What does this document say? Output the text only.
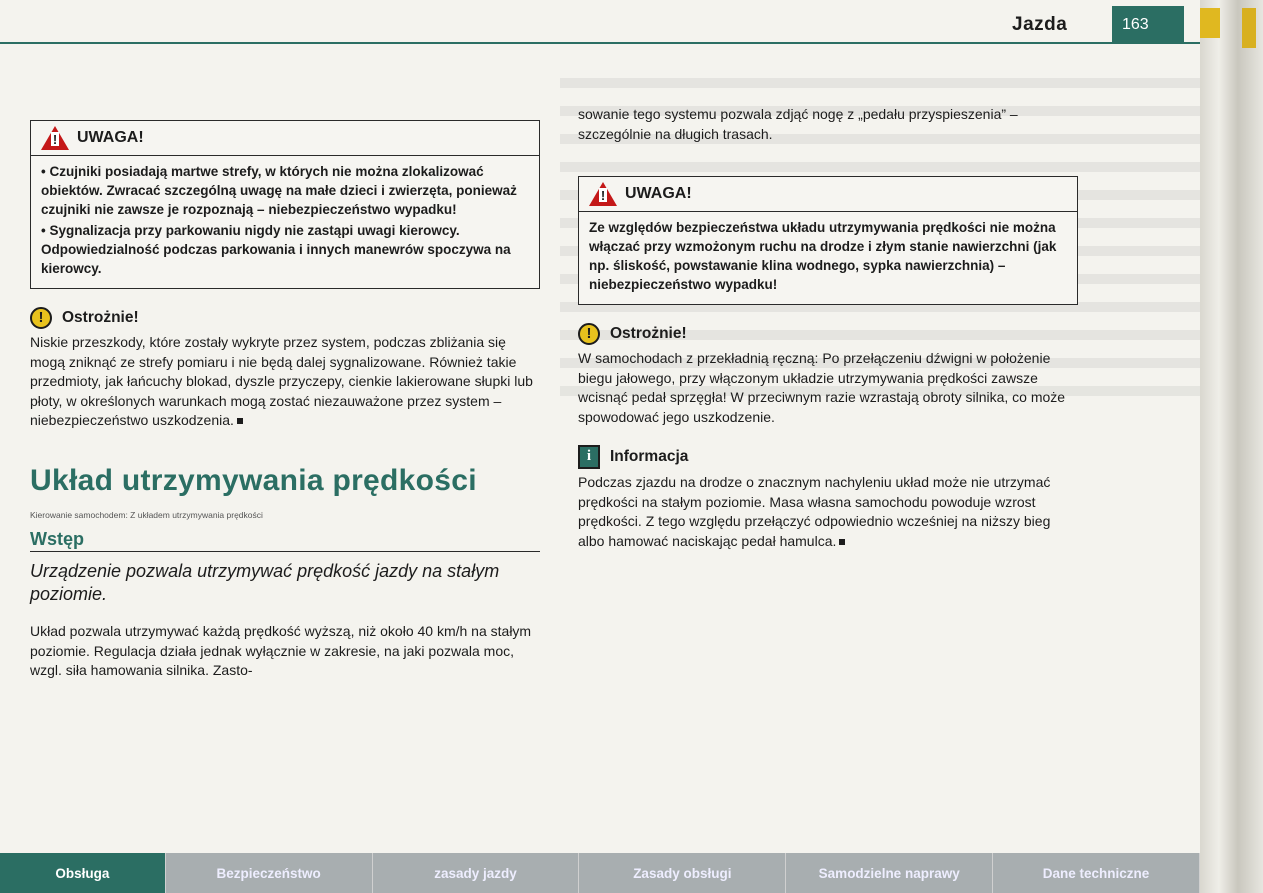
Jazda	163
! UWAGA!

• Czujniki posiadają martwe strefy, w których nie można zlokalizować obiektów. Zwracać szczególną uwagę na małe dzieci i zwierzęta, ponieważ czujniki nie zawsze je rozpoznają – niebezpieczeństwo wypadku!

• Sygnalizacja przy parkowaniu nigdy nie zastąpi uwagi kierowcy. Odpowiedzialność podczas parkowania i innych manewrów spoczywa na kierowcy.

!	Ostrożnie!

Niskie przeszkody, które zostały wykryte przez system, podczas zbliżania się mogą zniknąć ze strefy pomiaru i nie będą dalej sygnalizowane. Również takie przedmioty, jak łańcuchy blokad, dyszle przyczepy, cienkie lakierowane słupki lub płoty, w określonych warunkach mogą zostać niezauważone przez system – niebezpieczeństwo uszkodzenia.

Układ utrzymywania prędkości
Kierowanie samochodem: Z układem utrzymywania prędkości
Wstęp
Urządzenie pozwala utrzymywać prędkość jazdy na stałym poziomie.

Układ pozwala utrzymywać każdą prędkość wyższą, niż około 40 km/h na stałym poziomie. Regulacja działa jednak wyłącznie w zakresie, na jaki pozwala moc, wzgl. siła hamowania silnika. Zasto-

sowanie tego systemu pozwala zdjąć nogę z „pedału przyspieszenia” – szczególnie na długich trasach.

! UWAGA!

Ze względów bezpieczeństwa układu utrzymywania prędkości nie można włączać przy wzmożonym ruchu na drodze i złym stanie nawierzchni (jak np. śliskość, powstawanie klina wodnego, sypka nawierzchnia) – niebezpieczeństwo wypadku!

!	Ostrożnie!

W samochodach z przekładnią ręczną: Po przełączeniu dźwigni w położenie biegu jałowego, przy włączonym układzie utrzymywania prędkości zawsze wcisnąć pedał sprzęgła! W przeciwnym razie wzrastają obroty silnika, co może spowodować jego uszkodzenie.

i	Informacja

Podczas zjazdu na drodze o znacznym nachyleniu układ może nie utrzymać prędkości na stałym poziomie. Masa własna samochodu powoduje wzrost prędkości. Z tego względu przełączyć odpowiednio wcześniej na niższy bieg albo hamować naciskając pedał hamulca.

Obsługa	Bezpieczeństwo	zasady jazdy	Zasady obsługi	Samodzielne naprawy	Dane techniczne
